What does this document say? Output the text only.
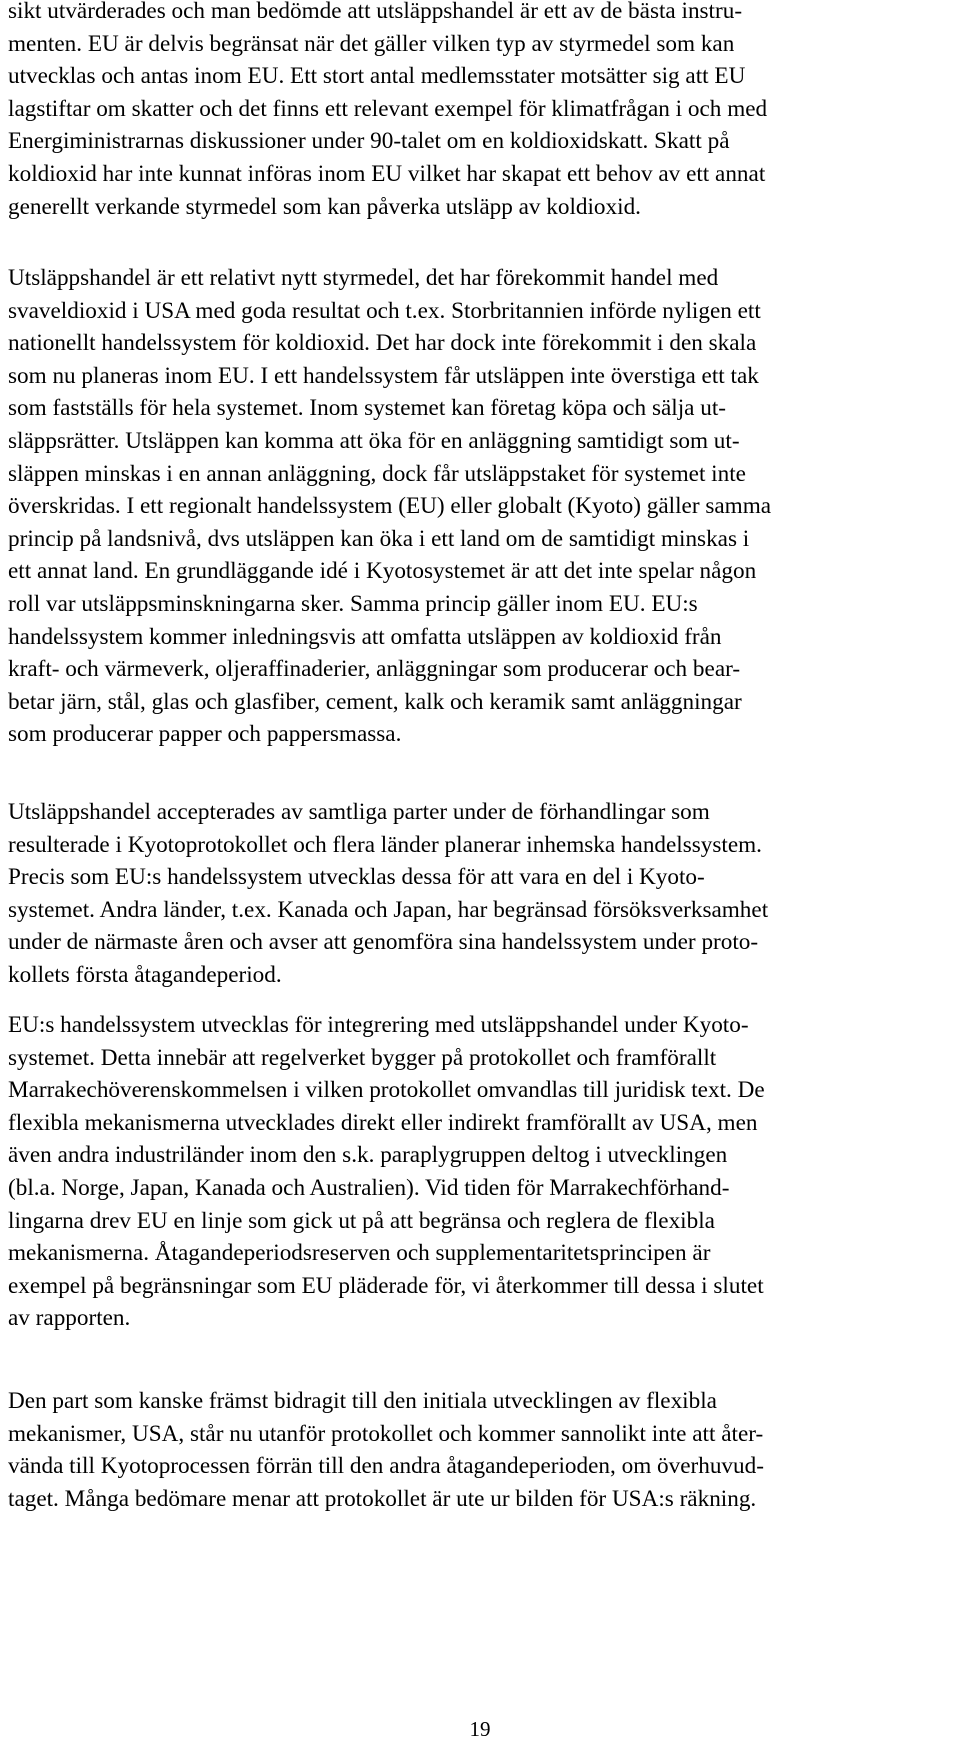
sikt utvärderades och man bedömde att utsläppshandel är ett av de bästa instru-
menten. EU är delvis begränsat när det gäller vilken typ av styrmedel som kan
utvecklas och antas inom EU. Ett stort antal medlemsstater motsätter sig att EU
lagstiftar om skatter och det finns ett relevant exempel för klimatfrågan i och med
Energiministrarnas diskussioner under 90-talet om en koldioxidskatt. Skatt på
koldioxid har inte kunnat införas inom EU vilket har skapat ett behov av ett annat
generellt verkande styrmedel som kan påverka utsläpp av koldioxid.
Utsläppshandel är ett relativt nytt styrmedel, det har förekommit handel med
svaveldioxid i USA med goda resultat och t.ex. Storbritannien införde nyligen ett
nationellt handelssystem för koldioxid. Det har dock inte förekommit i den skala
som nu planeras inom EU. I ett handelssystem får utsläppen inte överstiga ett tak
som fastställs för hela systemet. Inom systemet kan företag köpa och sälja ut-
släppsrätter. Utsläppen kan komma att öka för en anläggning samtidigt som ut-
släppen minskas i en annan anläggning, dock får utsläppstaket för systemet inte
överskridas. I ett regionalt handelssystem (EU) eller globalt (Kyoto) gäller samma
princip på landsnivå, dvs utsläppen kan öka i ett land om de samtidigt minskas i
ett annat land. En grundläggande idé i Kyotosystemet är att det inte spelar någon
roll var utsläppsminskningarna sker. Samma princip gäller inom EU. EU:s
handelssystem kommer inledningsvis att omfatta utsläppen av koldioxid från
kraft- och värmeverk, oljeraffinaderier, anläggningar som producerar och bear-
betar järn, stål, glas och glasfiber, cement, kalk och keramik samt anläggningar
som producerar papper och pappersmassa.
Utsläppshandel accepterades av samtliga parter under de förhandlingar som
resulterade i Kyotoprotokollet och flera länder planerar inhemska handelssystem.
Precis som EU:s handelssystem utvecklas dessa för att vara en del i Kyoto-
systemet. Andra länder, t.ex. Kanada och Japan, har begränsad försöksverksamhet
under de närmaste åren och avser att genomföra sina handelssystem under proto-
kollets första åtagandeperiod.
EU:s handelssystem utvecklas för integrering med utsläppshandel under Kyoto-
systemet. Detta innebär att regelverket bygger på protokollet och framförallt
Marrakechöverenskommelsen i vilken protokollet omvandlas till juridisk text. De
flexibla mekanismerna utvecklades direkt eller indirekt framförallt av USA, men
även andra industriländer inom den s.k. paraplygruppen deltog i utvecklingen
(bl.a. Norge, Japan, Kanada och Australien). Vid tiden för Marrakechförhand-
lingarna drev EU en linje som gick ut på att begränsa och reglera de flexibla
mekanismerna. Åtagandeperiodsreserven och supplementaritetsprincipen är
exempel på begränsningar som EU pläderade för, vi återkommer till dessa i slutet
av rapporten.
Den part som kanske främst bidragit till den initiala utvecklingen av flexibla
mekanismer, USA, står nu utanför protokollet och kommer sannolikt inte att åter-
vända till Kyotoprocessen förrän till den andra åtagandeperioden, om överhuvud-
taget. Många bedömare menar att protokollet är ute ur bilden för USA:s räkning.
19
